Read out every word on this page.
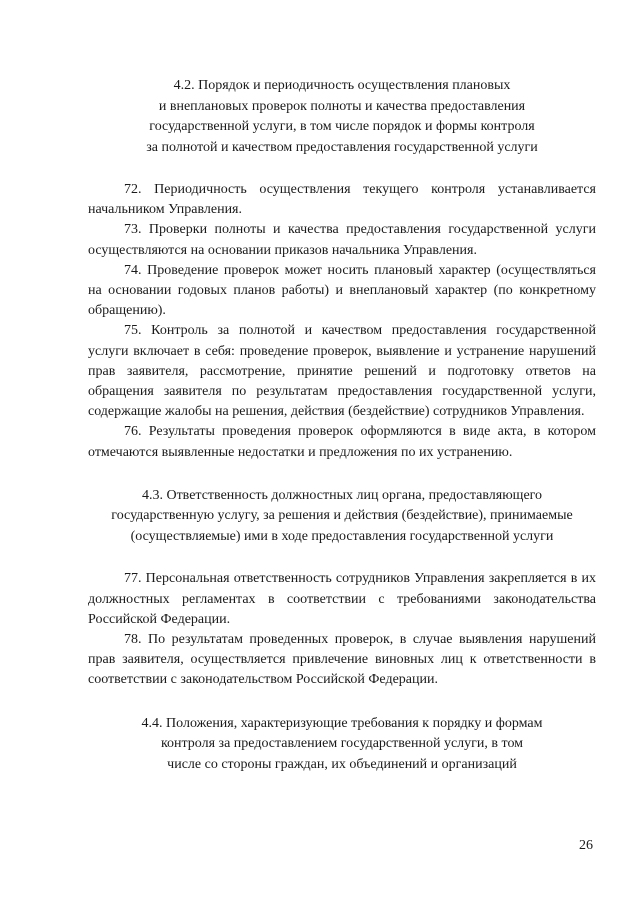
4.2. Порядок и периодичность осуществления плановых
и внеплановых проверок полноты и качества предоставления
государственной услуги, в том числе порядок и формы контроля
за полнотой и качеством предоставления государственной услуги

72. Периодичность осуществления текущего контроля устанавливается начальником Управления.

73. Проверки полноты и качества предоставления государственной услуги осуществляются на основании приказов начальника Управления.

74. Проведение проверок может носить плановый характер (осуществляться на основании годовых планов работы) и внеплановый характер (по конкретному обращению).

75. Контроль за полнотой и качеством предоставления государственной услуги включает в себя: проведение проверок, выявление и устранение нарушений прав заявителя, рассмотрение, принятие решений и подготовку ответов на обращения заявителя по результатам предоставления государственной услуги, содержащие жалобы на решения, действия (бездействие) сотрудников Управления.

76. Результаты проведения проверок оформляются в виде акта, в котором отмечаются выявленные недостатки и предложения по их устранению.

4.3. Ответственность должностных лиц органа, предоставляющего
государственную услугу, за решения и действия (бездействие), принимаемые
(осуществляемые) ими в ходе предоставления государственной услуги

77. Персональная ответственность сотрудников Управления закрепляется в их должностных регламентах в соответствии с требованиями законодательства Российской Федерации.

78. По результатам проведенных проверок, в случае выявления нарушений прав заявителя, осуществляется привлечение виновных лиц к ответственности в соответствии с законодательством Российской Федерации.

4.4. Положения, характеризующие требования к порядку и формам
контроля за предоставлением государственной услуги, в том
числе со стороны граждан, их объединений и организаций
26
